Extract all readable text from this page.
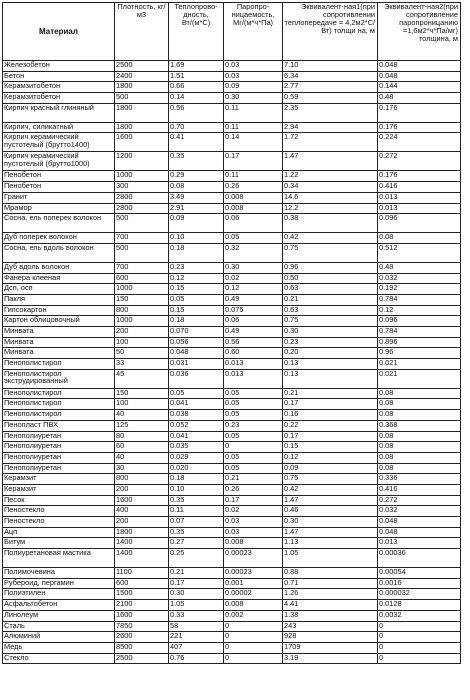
Материал	Плотность, кг/м3	Теплопрово-дность, Вт/(м*С)	Паропро-ницаемость, Мг/(м*ч*Па)	Эквивалент-ная1(при сопротивлении теплопередаче = 4,2м2*С/Вт) толщи на, м	Эквивалент-ная2(при сопротивление паропроницанию =1,6м2*ч*Па/мг) толщина, м
Железобетон	2500	1.69	0.03	7.10	0.048
Бетон	2400	1.51	0.03	6.34	0.048
Керамзитобетон	1800	0.66	0.09	2.77	0.144
Керамзитобетон	500	0.14	0.30	0.59	0.48
Кирпич красный глиняный	1800	0.56	0.11	2.35	0.176
Кирпич, силикатный	1800	0.70	0.11	2.94	0.176
Кирпич керамический пустотелый (брутто1400)	1600	0.41	0.14	1.72	0.224
Кирпич керамический пустотелый (брутто1000)	1200	0.35	0.17	1.47	0.272
Пенобетон	1000	0.29	0.11	1.22	0.176
Пенобетон	300	0.08	0.26	0.34	0.416
Гранит	2800	3.49	0.008	14.6	0.013
Мрамор	2800	2.91	0.008	12.2	0.013
Сосна, ель поперек волокон	500	0.09	0.06	0.38	0.096
Дуб поперек волокон	700	0.10	0.05	0.42	0.08
Сосна, ель вдоль волокон	500	0.18	0.32	0.75	0.512
Дуб вдоль волокон	700	0.23	0.30	0.96	0.48
Фанера клееная	600	0.12	0.02	0.50	0.032
Дсп, осп	1000	0.15	0.12	0.63	0.192
Пакля	150	0.05	0.49	0.21	0.784
Гипсокартон	800	0.15	0.075	0.63	0.12
Картон облицовочный	1000	0.18	0.06	0.75	0.096
Минвата	200	0.070	0.49	0.30	0.784
Минвата	100	0.056	0.56	0.23	0.896
Минвата	50	0.048	0.60	0.20	0.96
Пенополистирол	33	0.031	0.013	0.13	0.021
Пенополистирол экструдированный	45	0.036	0.013	0.13	0.021
Пенополистирол	150	0.05	0.05	0.21	0.08
Пенополистирол	100	0.041	0.05	0.17	0.08
Пенополистирол	40	0.038	0.05	0.16	0.08
Пенопласт ПВХ	125	0.052	0.23	0.22	0.368
Пенополиуретан	80	0.041	0.05	0.17	0.08
Пенополиуретан	60	0.035	0	0.15	0.08
Пенополиуретан	40	0.029	0.05	0.12	0.08
Пенополиуретан	30	0.020	0.05	0.09	0.08
Керамзит	800	0.18	0.21	0.75	0.336
Керамзит	200	0.10	0.26	0.42	0.416
Песок	1600	0.35	0.17	1.47	0.272
Пеностекло	400	0.11	0.02	0.46	0.032
Пеностекло	200	0.07	0.03	0.30	0.048
Ацп	1800	0.35	0.03	1.47	0.048
Битум	1400	0.27	0.008	1.13	0.013
Полиуретановая мастика	1400	0.25	0.00023	1.05	0.00036
Полимочевина	1100	0.21	0.00023	0.88	0.00054
Рубероид, пергамин	600	0.17	0.001	0.71	0.0016
Полиэтилен	1500	0.30	0.00002	1.26	0.000032
Асфальтобетон	2100	1.05	0.008	4.41	0.0128
Линолеум	1600	0.33	0.002	1.38	0.0032
Сталь	7850	58	0	243	0
Алюминий	2600	221	0	928	0
Медь	8500	407	0	1709	0
Стекло	2500	0.76	0	3.19	0
